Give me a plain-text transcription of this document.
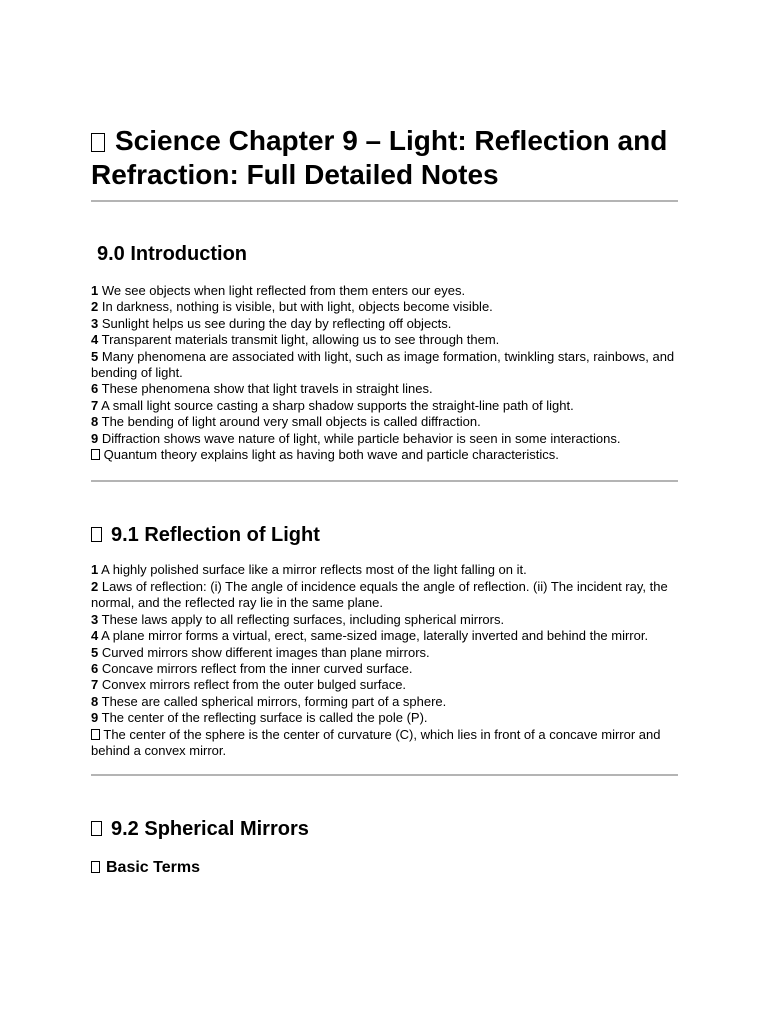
Science Chapter 9 – Light: Reflection and Refraction: Full Detailed Notes
9.0 Introduction
1 We see objects when light reflected from them enters our eyes.
2 In darkness, nothing is visible, but with light, objects become visible.
3 Sunlight helps us see during the day by reflecting off objects.
4 Transparent materials transmit light, allowing us to see through them.
5 Many phenomena are associated with light, such as image formation, twinkling stars, rainbows, and bending of light.
6 These phenomena show that light travels in straight lines.
7 A small light source casting a sharp shadow supports the straight-line path of light.
8 The bending of light around very small objects is called diffraction.
9 Diffraction shows wave nature of light, while particle behavior is seen in some interactions.
Quantum theory explains light as having both wave and particle characteristics.
9.1 Reflection of Light
1 A highly polished surface like a mirror reflects most of the light falling on it.
2 Laws of reflection: (i) The angle of incidence equals the angle of reflection. (ii) The incident ray, the normal, and the reflected ray lie in the same plane.
3 These laws apply to all reflecting surfaces, including spherical mirrors.
4 A plane mirror forms a virtual, erect, same-sized image, laterally inverted and behind the mirror.
5 Curved mirrors show different images than plane mirrors.
6 Concave mirrors reflect from the inner curved surface.
7 Convex mirrors reflect from the outer bulged surface.
8 These are called spherical mirrors, forming part of a sphere.
9 The center of the reflecting surface is called the pole (P).
The center of the sphere is the center of curvature (C), which lies in front of a concave mirror and behind a convex mirror.
9.2 Spherical Mirrors
Basic Terms
